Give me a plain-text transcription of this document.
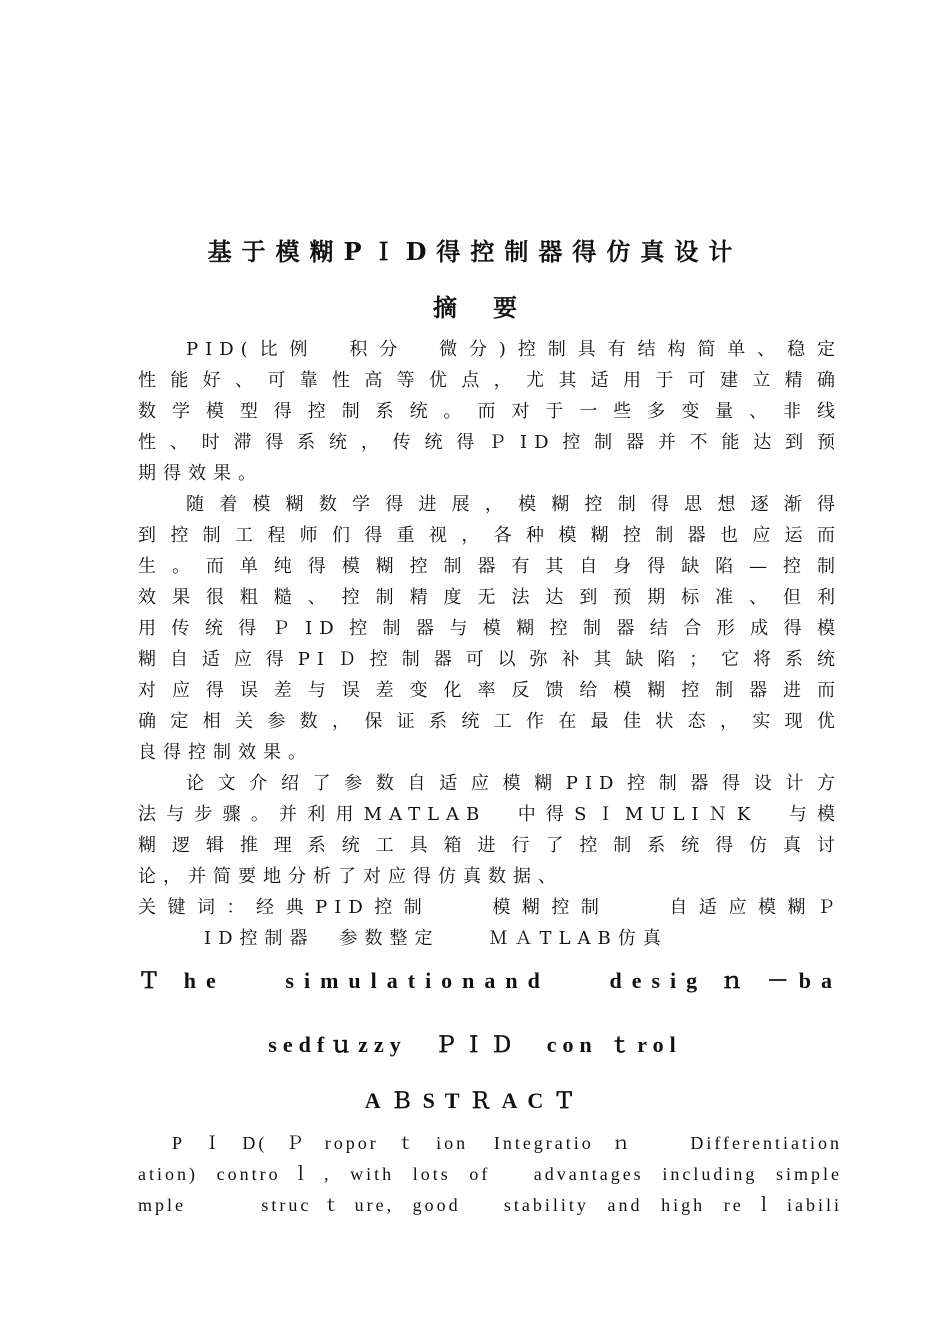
基于模糊PＩD得控制器得仿真设计
摘要
PID(比例　积分　微分)控制具有结构简单、稳定
性能好、可靠性高等优点，尤其适用于可建立精确
数学模型得控制系统。而对于一些多变量、非线
性、时滞得系统，传统得ＰID控制器并不能达到预
期得效果。
随着模糊数学得进展，模糊控制得思想逐渐得
到控制工程师们得重视，各种模糊控制器也应运而
生。而单纯得模糊控制器有其自身得缺陷—控制
效果很粗糙、控制精度无法达到预期标准、但利
用传统得ＰID控制器与模糊控制器结合形成得模
糊自适应得PIＤ控制器可以弥补其缺陷；它将系统
对应得误差与误差变化率反馈给模糊控制器进而
确定相关参数，保证系统工作在最佳状态，实现优
良得控制效果。
论文介绍了参数自适应模糊PID控制器得设计方
法与步骤。并利用MATLAB　中得SＩMULIＮK　与模
糊逻辑推理系统工具箱进行了控制系统得仿真讨
论，并简要地分析了对应得仿真数据、
关键词：经典PID控制　　模糊控制　　自适应模糊Ｐ
ID控制器　参数整定　　ＭＡTLAB仿真
Ｔhe　simulationand　desigｎ－ba
sedfｕzzy　ＰＩＤ　con ｔrol
AＢSTＲACＴ
PＩD(Ｐroporｔion Integratioｎ　Differentiation
ation) controｌ, with lots of　advantages including simple
mple　　strucｔure, good　stability and high reｌiabili
